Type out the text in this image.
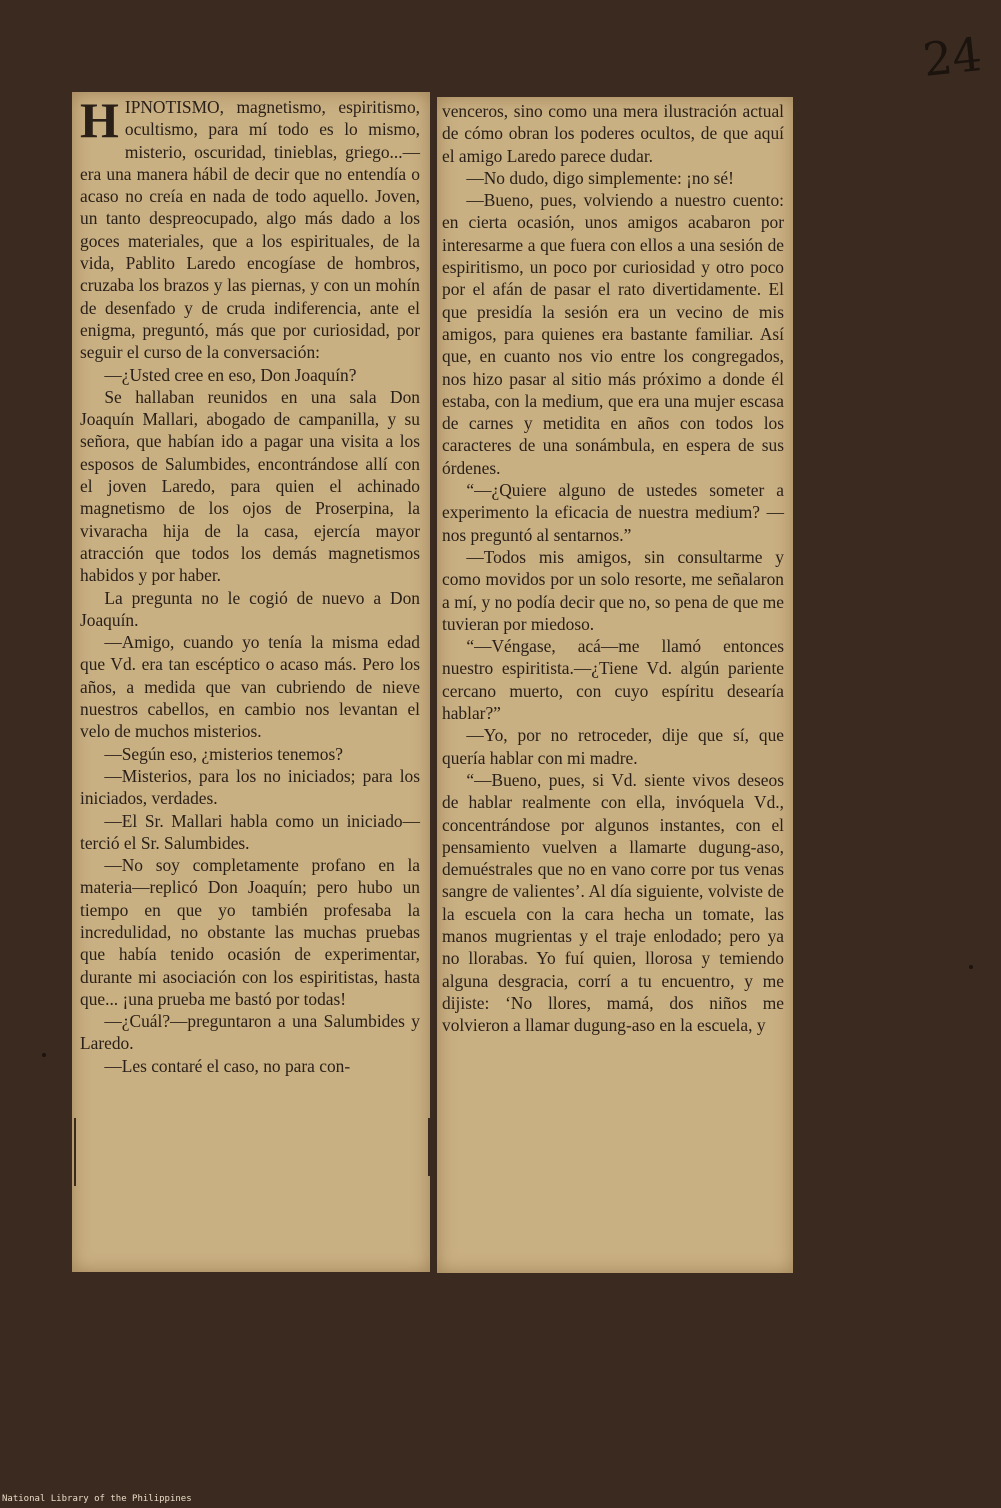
24

H IPNOTISMO, magnetismo, espiritismo, ocultismo, para mí todo es lo mismo, misterio, oscuridad, tinieblas, griego...—era una manera hábil de decir que no entendía o acaso no creía en nada de todo aquello. Joven, un tanto despreocupado, algo más dado a los goces materiales, que a los espirituales, de la vida, Pablito Laredo encogíase de hombros, cruzaba los brazos y las piernas, y con un mohín de desenfado y de cruda indiferencia, ante el enigma, preguntó, más que por curiosidad, por seguir el curso de la conversación:

—¿Usted cree en eso, Don Joaquín?

Se hallaban reunidos en una sala Don Joaquín Mallari, abogado de campanilla, y su señora, que habían ido a pagar una visita a los esposos de Salumbides, encontrándose allí con el joven Laredo, para quien el achinado magnetismo de los ojos de Proserpina, la vivaracha hija de la casa, ejercía mayor atracción que todos los demás magnetismos habidos y por haber.

La pregunta no le cogió de nuevo a Don Joaquín.

—Amigo, cuando yo tenía la misma edad que Vd. era tan escéptico o acaso más. Pero los años, a medida que van cubriendo de nieve nuestros cabellos, en cambio nos levantan el velo de muchos misterios.

—Según eso, ¿misterios tenemos?

—Misterios, para los no iniciados; para los iniciados, verdades.

—El Sr. Mallari habla como un iniciado— terció el Sr. Salumbides.

—No soy completamente profano en la materia—replicó Don Joaquín; pero hubo un tiempo en que yo también profesaba la incredulidad, no obstante las muchas pruebas que había tenido ocasión de experimentar, durante mi asociación con los espiritistas, hasta que... ¡una prueba me bastó por todas!

—¿Cuál?—preguntaron a una Salumbides y Laredo.

—Les contaré el caso, no para con-

venceros, sino como una mera ilustración actual de cómo obran los poderes ocultos, de que aquí el amigo Laredo parece dudar.

—No dudo, digo simplemente: ¡no sé!

—Bueno, pues, volviendo a nuestro cuento: en cierta ocasión, unos amigos acabaron por interesarme a que fuera con ellos a una sesión de espiritismo, un poco por curiosidad y otro poco por el afán de pasar el rato divertidamente. El que presidía la sesión era un vecino de mis amigos, para quienes era bastante familiar. Así que, en cuanto nos vio entre los congregados, nos hizo pasar al sitio más próximo a donde él estaba, con la medium, que era una mujer escasa de carnes y metidita en años con todos los caracteres de una sonámbula, en espera de sus órdenes.

“—¿Quiere alguno de ustedes someter a experimento la eficacia de nuestra medium? — nos preguntó al sentarnos.”

—Todos mis amigos, sin consultarme y como movidos por un solo resorte, me señalaron a mí, y no podía decir que no, so pena de que me tuvieran por miedoso.

“—Véngase, acá—me llamó entonces nuestro espiritista.—¿Tiene Vd. algún pariente cercano muerto, con cuyo espíritu desearía hablar?”

—Yo, por no retroceder, dije que sí, que quería hablar con mi madre.

“—Bueno, pues, si Vd. siente vivos deseos de hablar realmente con ella, invóquela Vd., concentrándose por algunos instantes, con el pensamiento vuelven a llamarte dugung-aso, demuéstrales que no en vano corre por tus venas sangre de valientes’. Al día siguiente, volviste de la escuela con la cara hecha un tomate, las manos mugrientas y el traje enlodado; pero ya no llorabas. Yo fuí quien, llorosa y temiendo alguna desgracia, corrí a tu encuentro, y me dijiste: ‘No llores, mamá, dos niños me volvieron a llamar dugung-aso en la escuela, y

National Library of the Philippines
